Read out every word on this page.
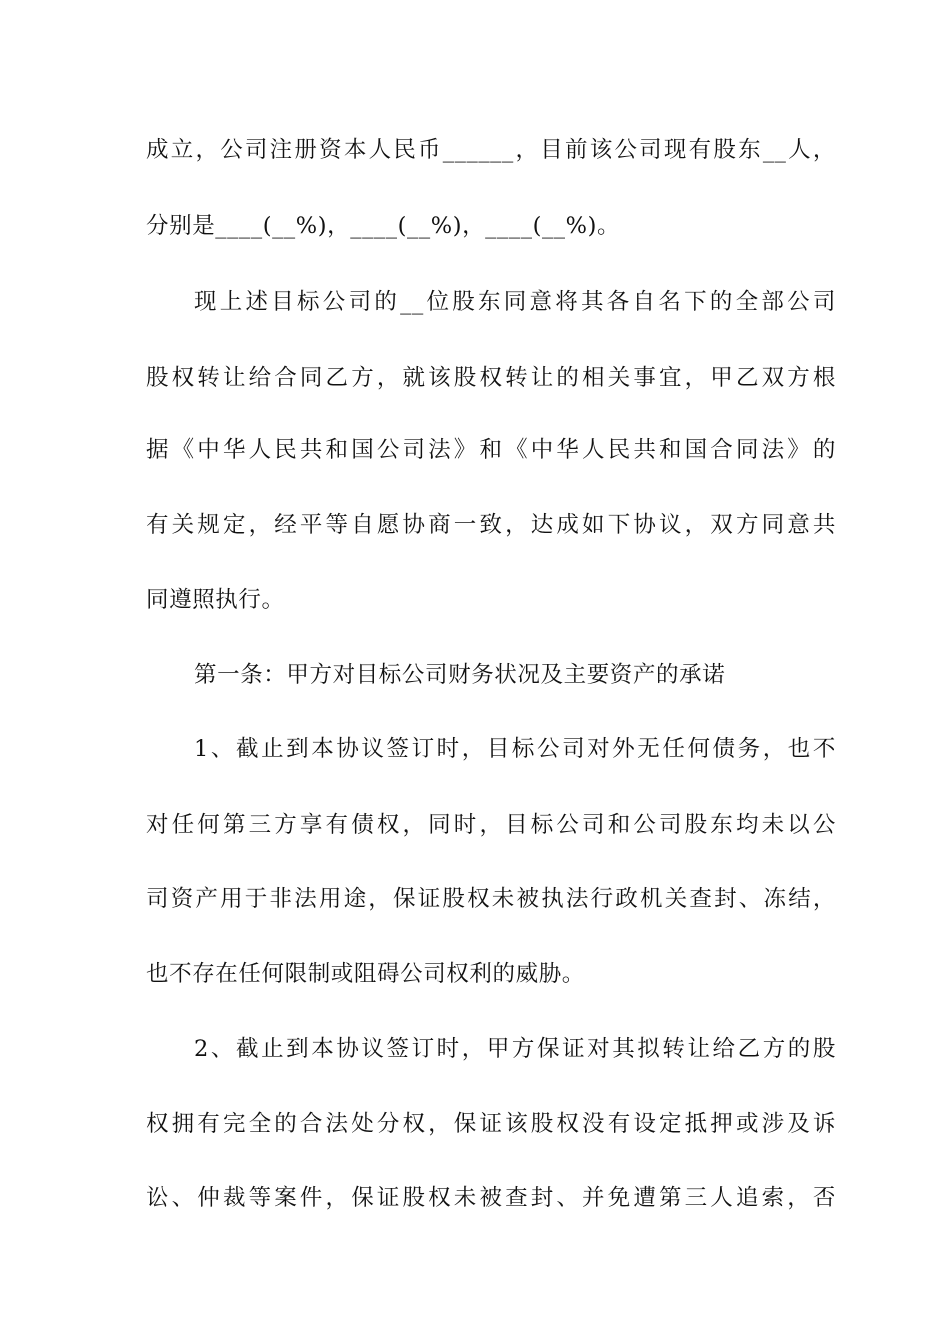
成立，公司注册资本人民币______，目前该公司现有股东__人，
分别是____(__%)，____(__%)，____(__%)。
现上述目标公司的__位股东同意将其各自名下的全部公司
股权转让给合同乙方，就该股权转让的相关事宜，甲乙双方根
据《中华人民共和国公司法》和《中华人民共和国合同法》的
有关规定，经平等自愿协商一致，达成如下协议，双方同意共
同遵照执行。
第一条：甲方对目标公司财务状况及主要资产的承诺
1、截止到本协议签订时，目标公司对外无任何债务，也不
对任何第三方享有债权，同时，目标公司和公司股东均未以公
司资产用于非法用途，保证股权未被执法行政机关查封、冻结，
也不存在任何限制或阻碍公司权利的威胁。
2、截止到本协议签订时，甲方保证对其拟转让给乙方的股
权拥有完全的合法处分权，保证该股权没有设定抵押或涉及诉
讼、仲裁等案件，保证股权未被查封、并免遭第三人追索，否
